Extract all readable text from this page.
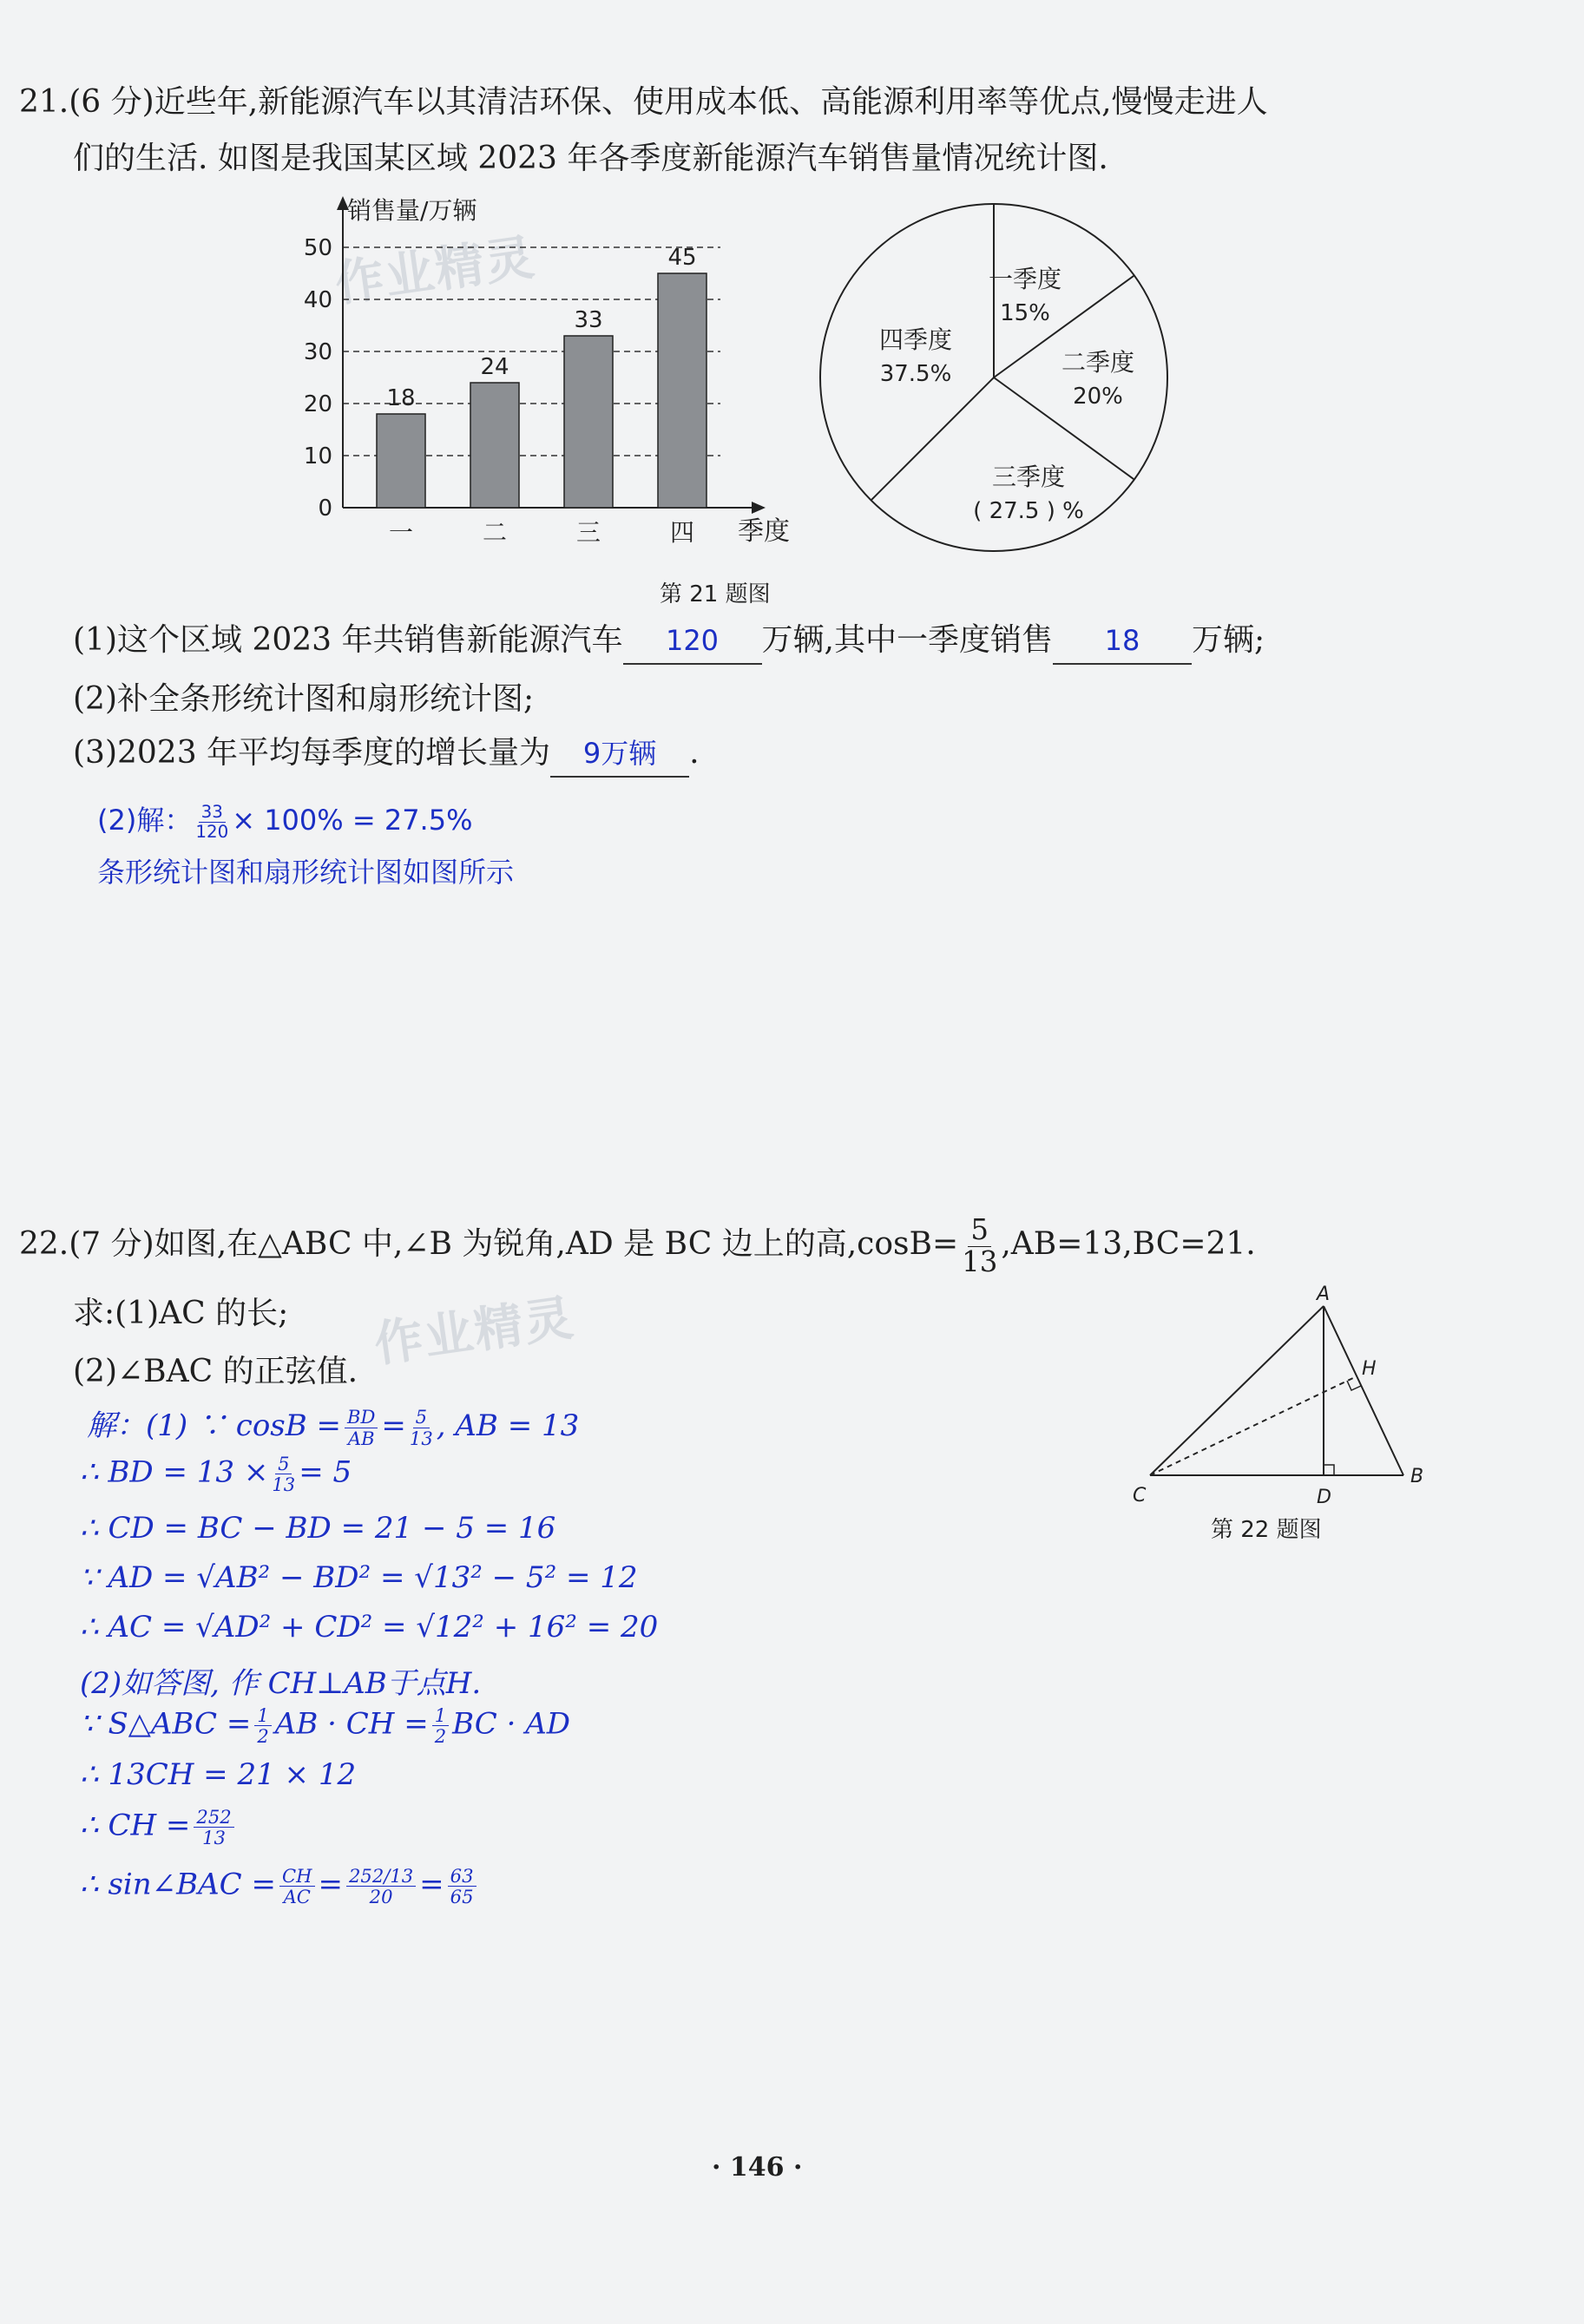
作业精灵
作业精灵
21.(6 分)近些年,新能源汽车以其清洁环保、使用成本低、高能源利用率等优点,慢慢走进人
们的生活. 如图是我国某区域 2023 年各季度新能源汽车销售量情况统计图.
销售量/万辆
0
10
20
30
40
50
18
一
24
二
33
三
45
四 季度
一季度
15%
二季度
20%
三季度
( 27.5 ) %
四季度
37.5%
第 21 题图
(1)这个区域 2023 年共销售新能源汽车 120 万辆,其中一季度销售 18 万辆;
(2)补全条形统计图和扇形统计图;
(3)2023 年平均每季度的增长量为 9万辆 .
(2)解： $\frac{33}{120} \times 100\% = 27.5\%$
条形统计图和扇形统计图如图所示
22.(7 分)如图,在△ABC 中,∠B 为锐角,AD 是 BC 边上的高$,\cos B= \frac{5}{13} ,AB=13,BC=21$.
求:(1)AC 的长;
(2)∠BAC 的正弦值.
A
B
C	D
H
第 22 题图
解：(1) ∵ $\cos B = \frac{BD}{AB} = \frac{5}{13}$ , AB = 13
∴ BD = $13 \times \frac{5}{13} = 5$
∴ CD = BC − BD = 21 − 5 = 16
∵ AD = √AB² − BD² = √13² − 5² = 12
∴ AC = √AD² + CD² = √12² + 16² = 20
(2)如答图, 作 CH⊥AB于点H.
∵ S△ABC = $\frac{1}{2}$ AB · CH = $\frac{1}{2}$ BC · AD
∴ 13CH = 21 × 12
∴ CH = $\frac{252}{13}$
∴ sin∠BAC = $\frac{CH}{AC} = \frac{252/13}{20} = \frac{63}{65}$
· 146 ·
